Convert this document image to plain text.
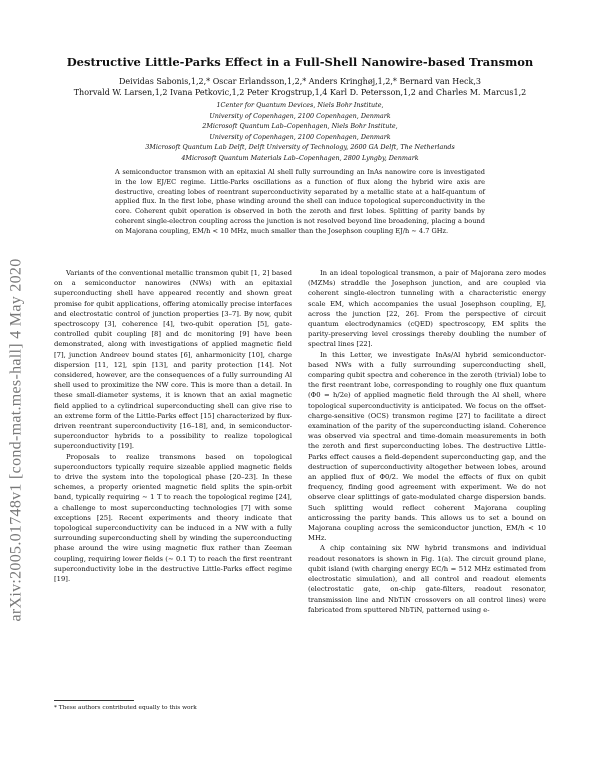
arXiv:2005.01748v1 [cond-mat.mes-hall] 4 May 2020
Destructive Little-Parks Effect in a Full-Shell Nanowire-based Transmon
Deividas Sabonis,1,2,* Oscar Erlandsson,1,2,* Anders Kringhøj,1,2,* Bernard van Heck,3
Thorvald W. Larsen,1,2 Ivana Petkovic,1,2 Peter Krogstrup,1,4 Karl D. Petersson,1,2 and Charles M. Marcus1,2
1Center for Quantum Devices, Niels Bohr Institute,
University of Copenhagen, 2100 Copenhagen, Denmark
2Microsoft Quantum Lab–Copenhagen, Niels Bohr Institute,
University of Copenhagen, 2100 Copenhagen, Denmark
3Microsoft Quantum Lab Delft, Delft University of Technology, 2600 GA Delft, The Netherlands
4Microsoft Quantum Materials Lab–Copenhagen, 2800 Lyngby, Denmark
A semiconductor transmon with an epitaxial Al shell fully surrounding an InAs nanowire core is investigated in the low EJ/EC regime. Little-Parks oscillations as a function of flux along the hybrid wire axis are destructive, creating lobes of reentrant superconductivity separated by a metallic state at a half-quantum of applied flux. In the first lobe, phase winding around the shell can induce topological superconductivity in the core. Coherent qubit operation is observed in both the zeroth and first lobes. Splitting of parity bands by coherent single-electron coupling across the junction is not resolved beyond line broadening, placing a bound on Majorana coupling, EM/h < 10 MHz, much smaller than the Josephson coupling EJ/h ∼ 4.7 GHz.

Variants of the conventional metallic transmon qubit [1, 2] based on a semiconductor nanowires (NWs) with an epitaxial superconducting shell have appeared recently and shown great promise for qubit applications, offering atomically precise interfaces and electrostatic control of junction properties [3–7]. By now, qubit spectroscopy [3], coherence [4], two-qubit operation [5], gate-controlled qubit coupling [8] and dc monitoring [9] have been demonstrated, along with investigations of applied magnetic field [7], junction Andreev bound states [6], anharmonicity [10], charge dispersion [11, 12], spin [13], and parity protection [14]. Not considered, however, are the consequences of a fully surrounding Al shell used to proximitize the NW core. This is more than a detail. In these small-diameter systems, it is known that an axial magnetic field applied to a cylindrical superconducting shell can give rise to an extreme form of the Little-Parks effect [15] characterized by flux-driven reentrant superconductivity [16–18], and, in semiconductor-superconductor hybrids to a possibility to realize topological superconductivity [19].

Proposals to realize transmons based on topological superconductors typically require sizeable applied magnetic fields to drive the system into the topological phase [20–23]. In these schemes, a properly oriented magnetic field splits the spin-orbit band, typically requiring ∼ 1 T to reach the topological regime [24], a challenge to most superconducting technologies [7] with some exceptions [25]. Recent experiments and theory indicate that topological superconductivity can be induced in a NW with a fully surrounding superconducting shell by winding the superconducting phase around the wire using magnetic flux rather than Zeeman coupling, requiring lower fields (∼ 0.1 T) to reach the first reentrant superconductivity lobe in the destructive Little-Parks effect regime [19].

In an ideal topological transmon, a pair of Majorana zero modes (MZMs) straddle the Josephson junction, and are coupled via coherent single-electron tunneling with a characteristic energy scale EM, which accompanies the usual Josephson coupling, EJ, across the junction [22, 26]. From the perspective of circuit quantum electrodynamics (cQED) spectroscopy, EM splits the parity-preserving level crossings thereby doubling the number of spectral lines [22].

In this Letter, we investigate InAs/Al hybrid semiconductor-based NWs with a fully surrounding superconducting shell, comparing qubit spectra and coherence in the zeroth (trivial) lobe to the first reentrant lobe, corresponding to roughly one flux quantum (Φ0 = h/2e) of applied magnetic field through the Al shell, where topological superconductivity is anticipated. We focus on the offset-charge-sensitive (OCS) transmon regime [27] to facilitate a direct examination of the parity of the superconducting island. Coherence was observed via spectral and time-domain measurements in both the zeroth and first superconducting lobes. The destructive Little-Parks effect causes a field-dependent superconducting gap, and the destruction of superconductivity altogether between lobes, around an applied flux of Φ0/2. We model the effects of flux on qubit frequency, finding good agreement with experiment. We do not observe clear splittings of gate-modulated charge dispersion bands. Such splitting would reflect coherent Majorana coupling anticrossing the parity bands. This allows us to set a bound on Majorana coupling across the semiconductor junction, EM/h < 10 MHz.

A chip containing six NW hybrid transmons and individual readout resonators is shown in Fig. 1(a). The circuit ground plane, qubit island (with charging energy EC/h = 512 MHz estimated from electrostatic simulation), and all control and readout elements (electrostatic gate, on-chip gate-filters, readout resonator, transmission line and NbTiN crossovers on all control lines) were fabricated from sputtered NbTiN, patterned using e-

* These authors contributed equally to this work
